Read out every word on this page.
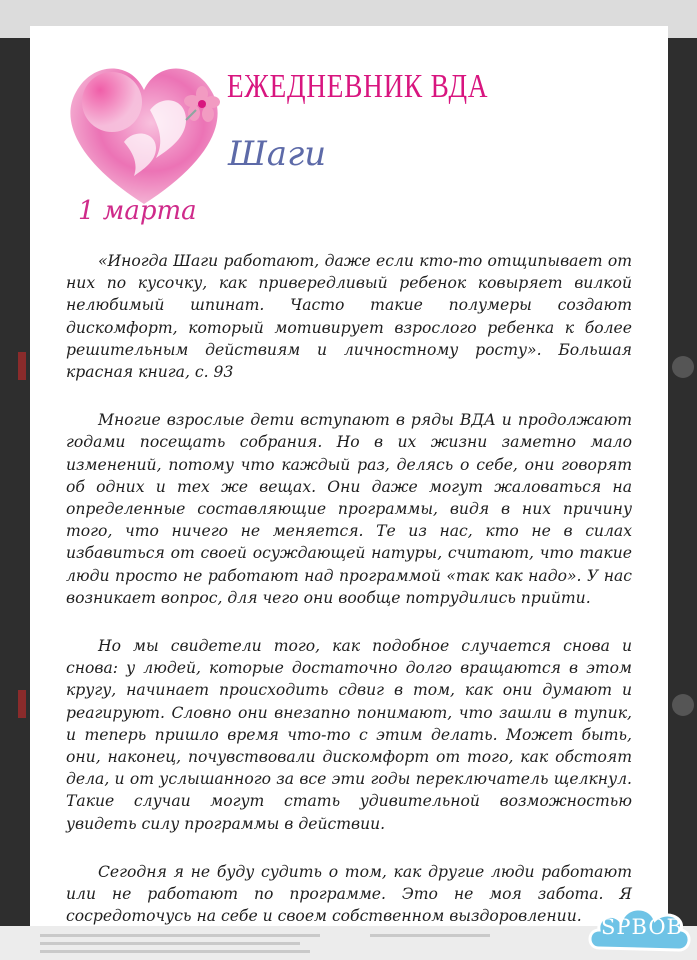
ЕЖЕДНЕВНИК ВДА
Шаги
1 марта

«Иногда Шаги работают, даже если кто-то отщипывает от них по кусочку, как привередливый ребенок ковыряет вилкой нелюбимый шпинат. Часто такие полумеры создают дискомфорт, который мотивирует взрослого ребенка к более решительным действиям и личностному росту». Большая красная книга, с. 93

Многие взрослые дети вступают в ряды ВДА и продолжают годами посещать собрания. Но в их жизни заметно мало изменений, потому что каждый раз, делясь о себе, они говорят об одних и тех же вещах. Они даже могут жаловаться на определенные составляющие программы, видя в них причину того, что ничего не меняется. Те из нас, кто не в силах избавиться от своей осуждающей натуры, считают, что такие люди просто не работают над программой «так как надо». У нас возникает вопрос, для чего они вообще потрудились прийти.

Но мы свидетели того, как подобное случается снова и снова: у людей, которые достаточно долго вращаются в этом кругу, начинает происходить сдвиг в том, как они думают и реагируют. Словно они внезапно понимают, что зашли в тупик, и теперь пришло время что-то с этим делать. Может быть, они, наконец, почувствовали дискомфорт от того, как обстоят дела, и от услышанного за все эти годы переключатель щелкнул. Такие случаи могут стать удивительной возможностью увидеть силу программы в действии.

Сегодня я не буду судить о том, как другие люди работают или не работают по программе. Это не моя забота. Я сосредоточусь на себе и своем собственном выздоровлении. SPBOB
